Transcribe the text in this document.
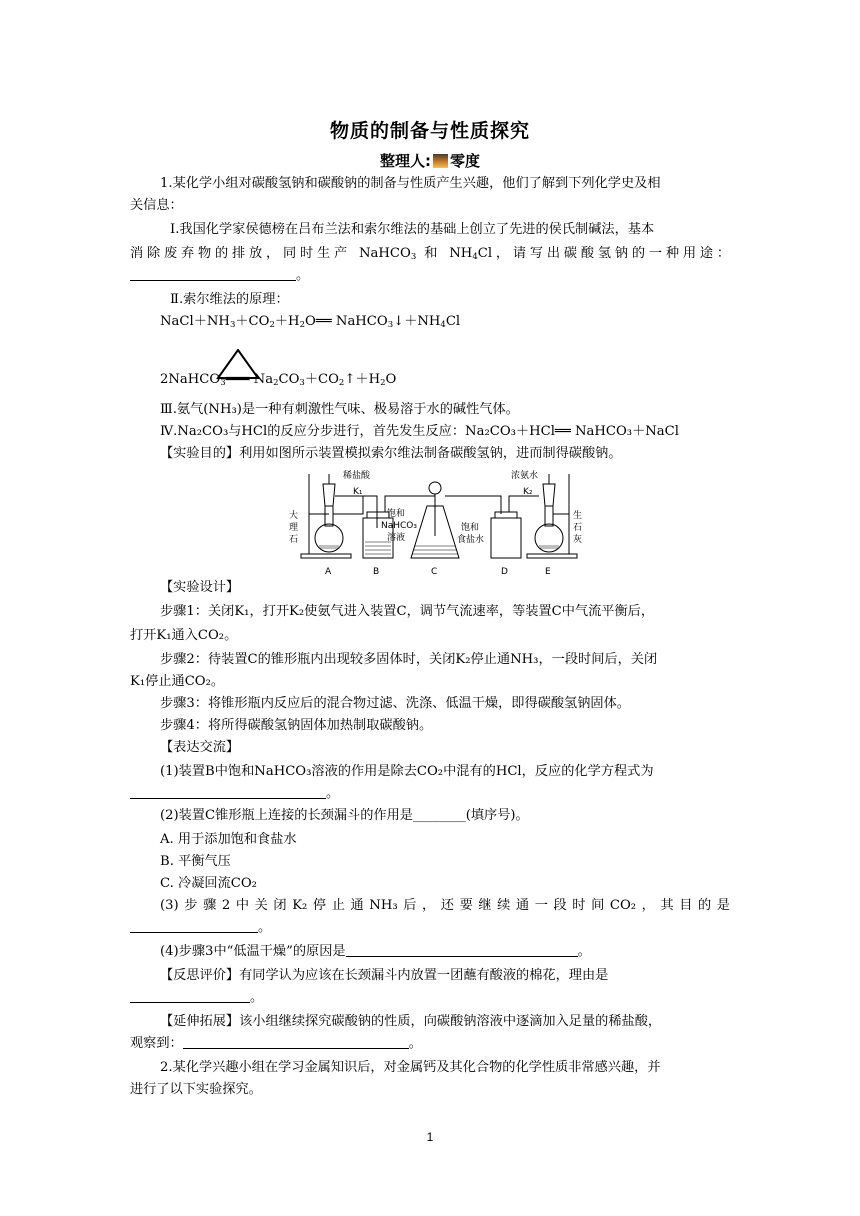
物质的制备与性质探究
整理人: 零度
1.某化学小组对碳酸氢钠和碳酸钠的制备与性质产生兴趣，他们了解到下列化学史及相
关信息：
Ⅰ.我国化学家侯德榜在吕布兰法和索尔维法的基础上创立了先进的侯氏制碱法，基本
消除废弃物的排放，同时生产 NaHCO$_3$ 和 $NH_4Cl$，请写出碳酸氢钠的一种用途：
。
Ⅱ.索尔维法的原理：
$NaCl+NH_3+CO_2+H_2O══$ $NaHCO_3↓+NH_4Cl$
2NaHCO$_3$═══ $Na_2CO_3+CO_2↑+H_2O$
Ⅲ.氨气(NH₃)是一种有刺激性气味、极易溶于水的碱性气体。
Ⅳ.Na₂CO₃与HCl的反应分步进行，首先发生反应：Na₂CO₃＋HCl══ NaHCO₃＋NaCl
【实验目的】利用如图所示装置模拟索尔维法制备碳酸氢钠，进而制得碳酸钠。
稀盐酸
K₁
浓氨水
K₂
大
理
石
饱和
NaHCO₃
溶液
饱和
食盐水
生
石
灰
A	B	C	D	E
【实验设计】
步骤1：关闭K₁，打开K₂使氨气进入装置C，调节气流速率，等装置C中气流平衡后，
打开K₁通入CO₂。
步骤2：待装置C的锥形瓶内出现较多固体时，关闭K₂停止通NH₃，一段时间后，关闭
K₁停止通CO₂。
步骤3：将锥形瓶内反应后的混合物过滤、洗涤、低温干燥，即得碳酸氢钠固体。
步骤4：将所得碳酸氢钠固体加热制取碳酸钠。
【表达交流】
(1)装置B中饱和NaHCO₃溶液的作用是除去CO₂中混有的HCl，反应的化学方程式为
。
(2)装置C锥形瓶上连接的长颈漏斗的作用是________(填序号)。
A. 用于添加饱和食盐水
B. 平衡气压
C. 冷凝回流CO₂
(3)步骤2中关闭K₂停止通NH₃后，还要继续通一段时间CO₂，其目的是
。
(4)步骤3中“低温干燥”的原因是	。
【反思评价】有同学认为应该在长颈漏斗内放置一团蘸有酸液的棉花，理由是
。
【延伸拓展】该小组继续探究碳酸钠的性质，向碳酸钠溶液中逐滴加入足量的稀盐酸，
观察到：	。
2.某化学兴趣小组在学习金属知识后，对金属钙及其化合物的化学性质非常感兴趣，并
进行了以下实验探究。
1
